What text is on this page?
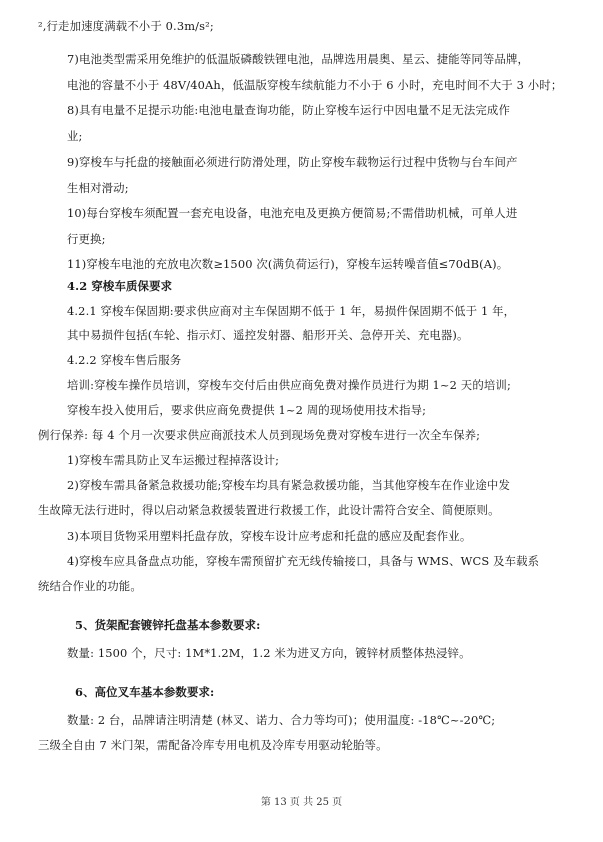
²,行走加速度满载不小于 0.3m/s²;
7)电池类型需采用免维护的低温版磷酸铁锂电池，品牌选用晨奥、星云、捷能等同等品牌，
电池的容量不小于 48V/40Ah，低温版穿梭车续航能力不小于 6 小时，充电时间不大于 3 小时；
8)具有电量不足提示功能:电池电量查询功能，防止穿梭车运行中因电量不足无法完成作
业;
9)穿梭车与托盘的接触面必须进行防滑处理，防止穿梭车载物运行过程中货物与台车间产
生相对滑动;
10)每台穿梭车须配置一套充电设备，电池充电及更换方便简易;不需借助机械，可单人进
行更换;
11)穿梭车电池的充放电次数≥1500 次(满负荷运行)，穿梭车运转噪音值≤70dB(A)。
4.2 穿梭车质保要求
4.2.1 穿梭车保固期:要求供应商对主车保固期不低于 1 年，易损件保固期不低于 1 年，
其中易损件包括(车轮、指示灯、遥控发射器、船形开关、急停开关、充电器)。
4.2.2 穿梭车售后服务
培训:穿梭车操作员培训，穿梭车交付后由供应商免费对操作员进行为期 1~2 天的培训;
穿梭车投入使用后，要求供应商免费提供 1~2 周的现场使用技术指导;
例行保养: 每 4 个月一次要求供应商派技术人员到现场免费对穿梭车进行一次全车保养;
1)穿梭车需具防止叉车运搬过程掉落设计;
2)穿梭车需具备紧急救援功能;穿梭车均具有紧急救援功能，当其他穿梭车在作业途中发
生故障无法行进时，得以启动紧急救援装置进行救援工作，此设计需符合安全、简便原则。
3)本项目货物采用塑料托盘存放，穿梭车设计应考虑和托盘的感应及配套作业。
4)穿梭车应具备盘点功能，穿梭车需预留扩充无线传输接口，具备与 WMS、WCS 及车载系
统结合作业的功能。
5、货架配套镀锌托盘基本参数要求:
数量: 1500 个，尺寸: 1M*1.2M，1.2 米为进叉方向，镀锌材质整体热浸锌。
6、高位叉车基本参数要求:
数量: 2 台，品牌请注明清楚 (林叉、诺力、合力等均可)；使用温度: -18℃~-20℃;
三级全自由 7 米门架，需配备冷库专用电机及冷库专用驱动轮胎等。
第 13 页 共 25 页
